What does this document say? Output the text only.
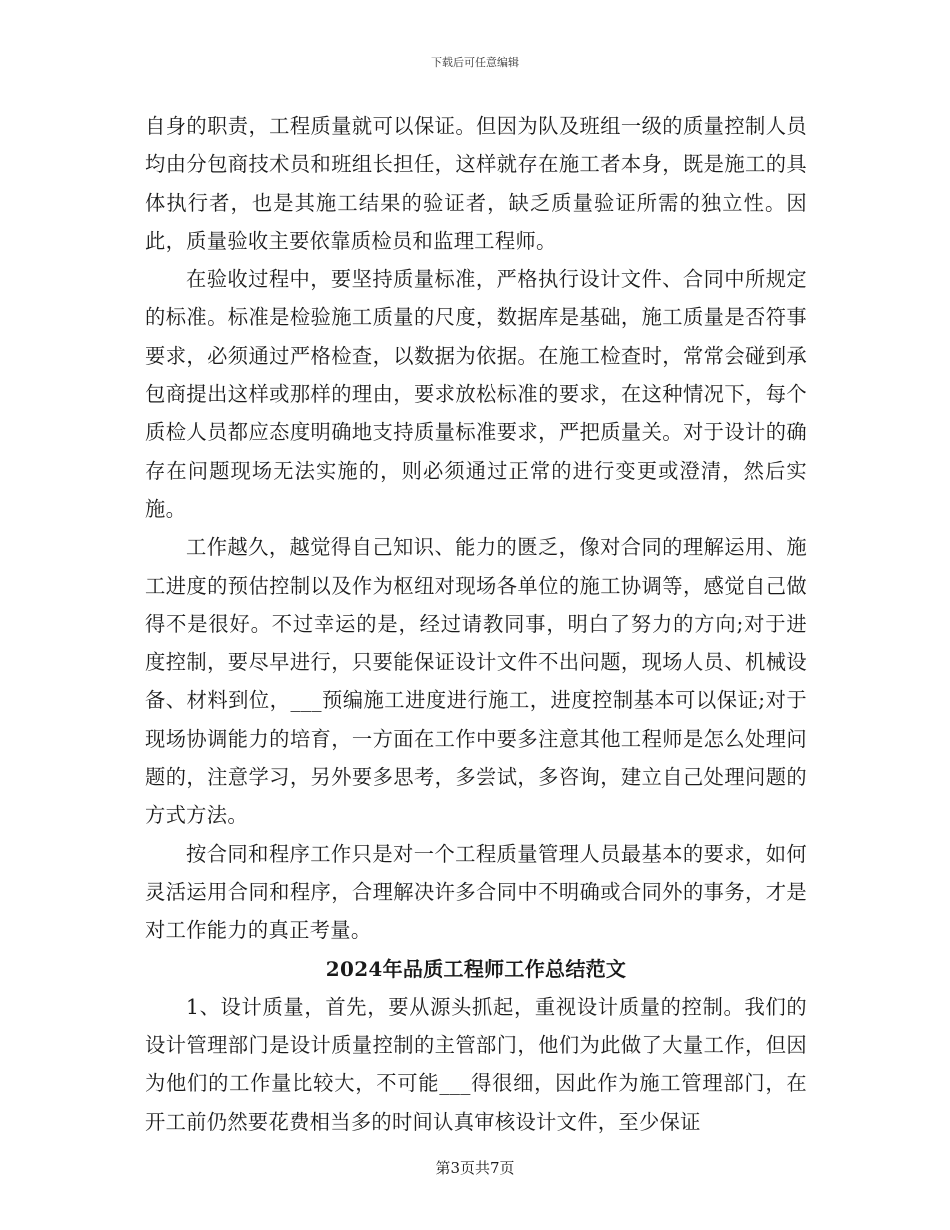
下载后可任意编辑

自身的职责，工程质量就可以保证。但因为队及班组一级的质量控制人员均由分包商技术员和班组长担任，这样就存在施工者本身，既是施工的具体执行者，也是其施工结果的验证者，缺乏质量验证所需的独立性。因此，质量验收主要依靠质检员和监理工程师。

在验收过程中，要坚持质量标准，严格执行设计文件、合同中所规定的标准。标准是检验施工质量的尺度，数据库是基础，施工质量是否符事要求，必须通过严格检查，以数据为依据。在施工检查时，常常会碰到承包商提出这样或那样的理由，要求放松标准的要求，在这种情况下，每个质检人员都应态度明确地支持质量标准要求，严把质量关。对于设计的确存在问题现场无法实施的，则必须通过正常的进行变更或澄清，然后实施。

工作越久，越觉得自己知识、能力的匮乏，像对合同的理解运用、施工进度的预估控制以及作为枢纽对现场各单位的施工协调等，感觉自己做得不是很好。不过幸运的是，经过请教同事，明白了努力的方向;对于进度控制，要尽早进行，只要能保证设计文件不出问题，现场人员、机械设备、材料到位，___预编施工进度进行施工，进度控制基本可以保证;对于现场协调能力的培育，一方面在工作中要多注意其他工程师是怎么处理问题的，注意学习，另外要多思考，多尝试，多咨询，建立自己处理问题的方式方法。

按合同和程序工作只是对一个工程质量管理人员最基本的要求，如何灵活运用合同和程序，合理解决许多合同中不明确或合同外的事务，才是对工作能力的真正考量。

2024年品质工程师工作总结范文

1、设计质量，首先，要从源头抓起，重视设计质量的控制。我们的设计管理部门是设计质量控制的主管部门，他们为此做了大量工作，但因为他们的工作量比较大，不可能___得很细，因此作为施工管理部门，在开工前仍然要花费相当多的时间认真审核设计文件，至少保证

第3页共7页
